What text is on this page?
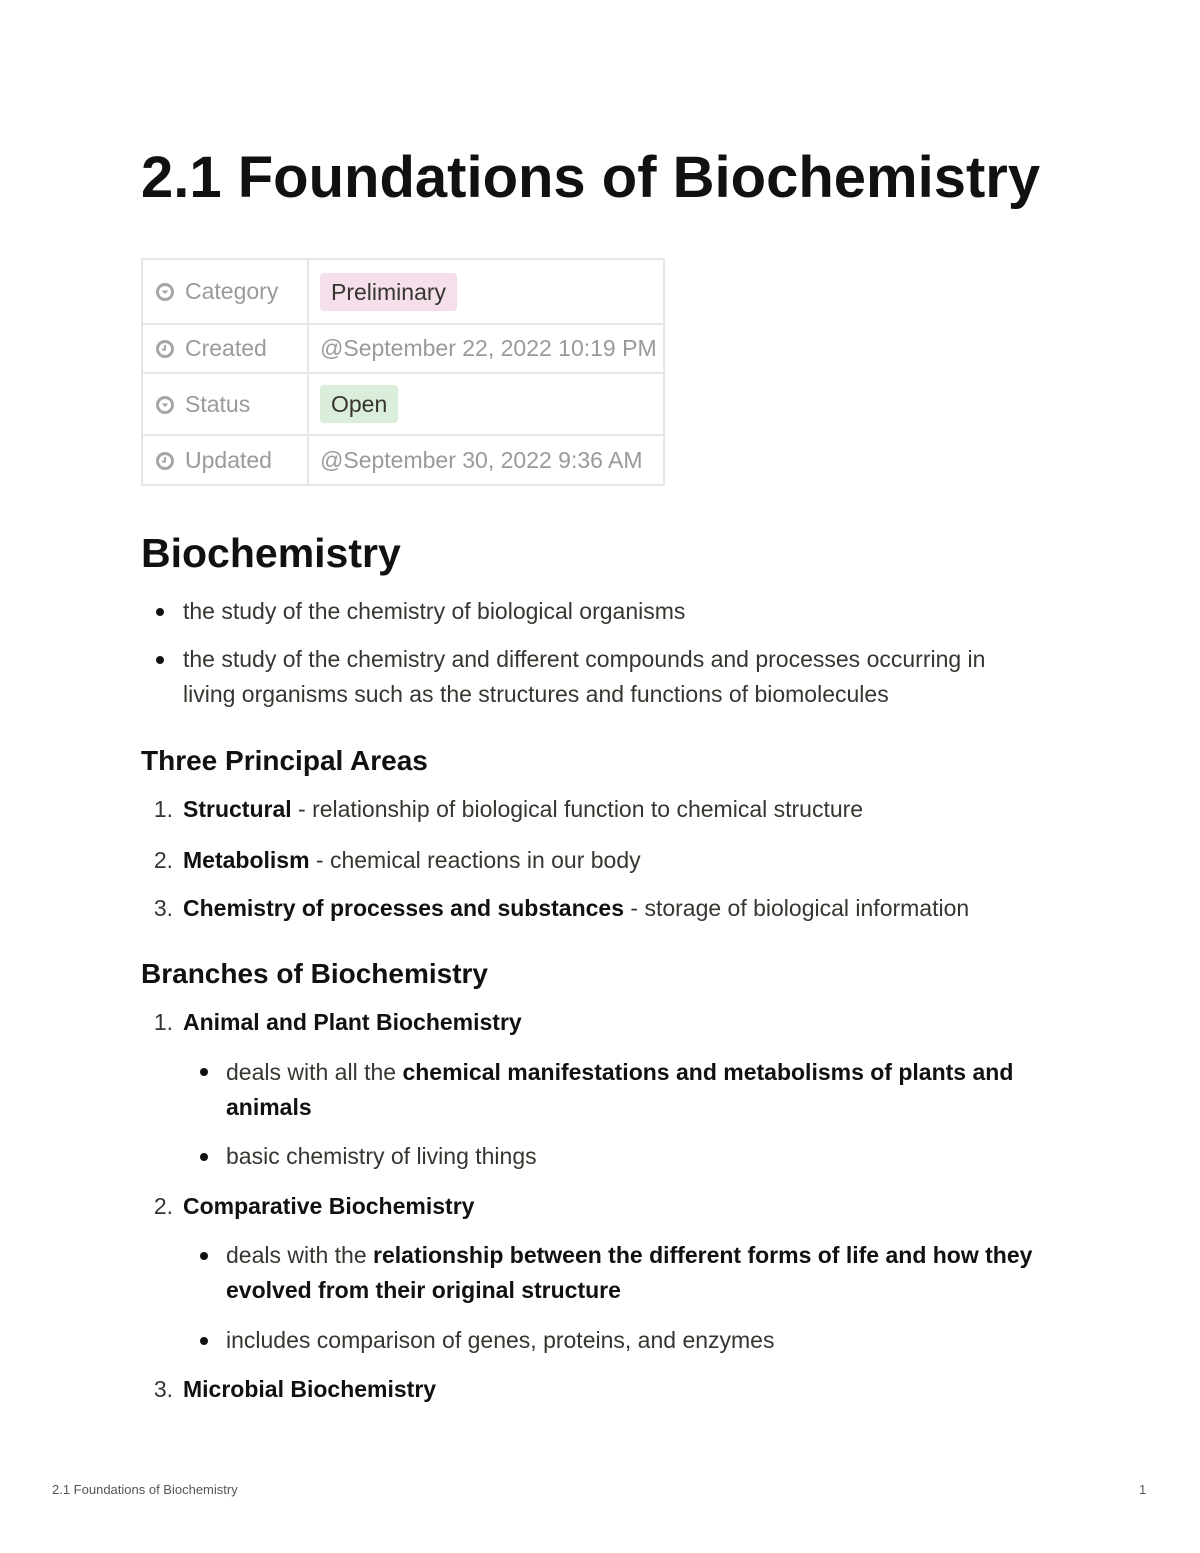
2.1 Foundations of Biochemistry
Category	Preliminary
Created	@September 22, 2022 10:19 PM
Status	Open
Updated	@September 30, 2022 9:36 AM
Biochemistry
the study of the chemistry of biological organisms
the study of the chemistry and different compounds and processes occurring in
living organisms such as the structures and functions of biomolecules
Three Principal Areas
1. Structural - relationship of biological function to chemical structure
2. Metabolism - chemical reactions in our body
3. Chemistry of processes and substances - storage of biological information
Branches of Biochemistry
1. Animal and Plant Biochemistry
deals with all the chemical manifestations and metabolisms of plants and
animals
basic chemistry of living things
2. Comparative Biochemistry
deals with the relationship between the different forms of life and how they
evolved from their original structure
includes comparison of genes, proteins, and enzymes
3. Microbial Biochemistry
2.1 Foundations of Biochemistry	1
